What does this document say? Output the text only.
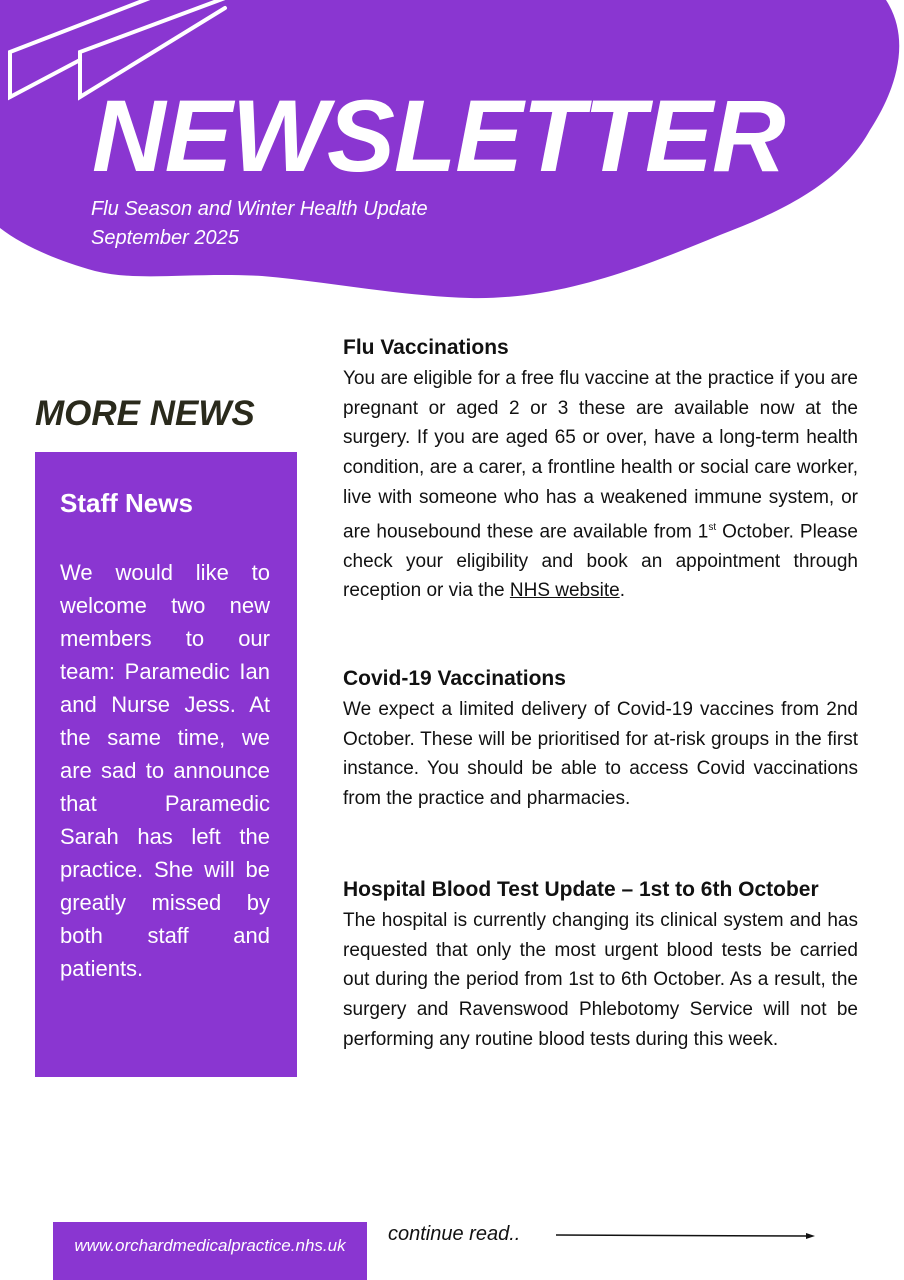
NEWSLETTER
Flu Season and Winter Health Update
September 2025
MORE NEWS
Staff News

We would like to welcome two new members to our team: Paramedic Ian and Nurse Jess. At the same time, we are sad to announce that Paramedic Sarah has left the practice. She will be greatly missed by both staff and patients.

Flu Vaccinations

You are eligible for a free flu vaccine at the practice if you are pregnant or aged 2 or 3 these are available now at the surgery. If you are aged 65 or over, have a long-term health condition, are a carer, a frontline health or social care worker, live with someone who has a weakened immune system, or are housebound these are available from 1st October. Please check your eligibility and book an appointment through reception or via the NHS website.

Covid-19 Vaccinations

We expect a limited delivery of Covid-19 vaccines from 2nd October. These will be prioritised for at-risk groups in the first instance. You should be able to access Covid vaccinations from the practice and pharmacies.

Hospital Blood Test Update – 1st to 6th October

The hospital is currently changing its clinical system and has requested that only the most urgent blood tests be carried out during the period from 1st to 6th October. As a result, the surgery and Ravenswood Phlebotomy Service will not be performing any routine blood tests during this week.

www.orchardmedicalpractice.nhs.uk
continue read..
